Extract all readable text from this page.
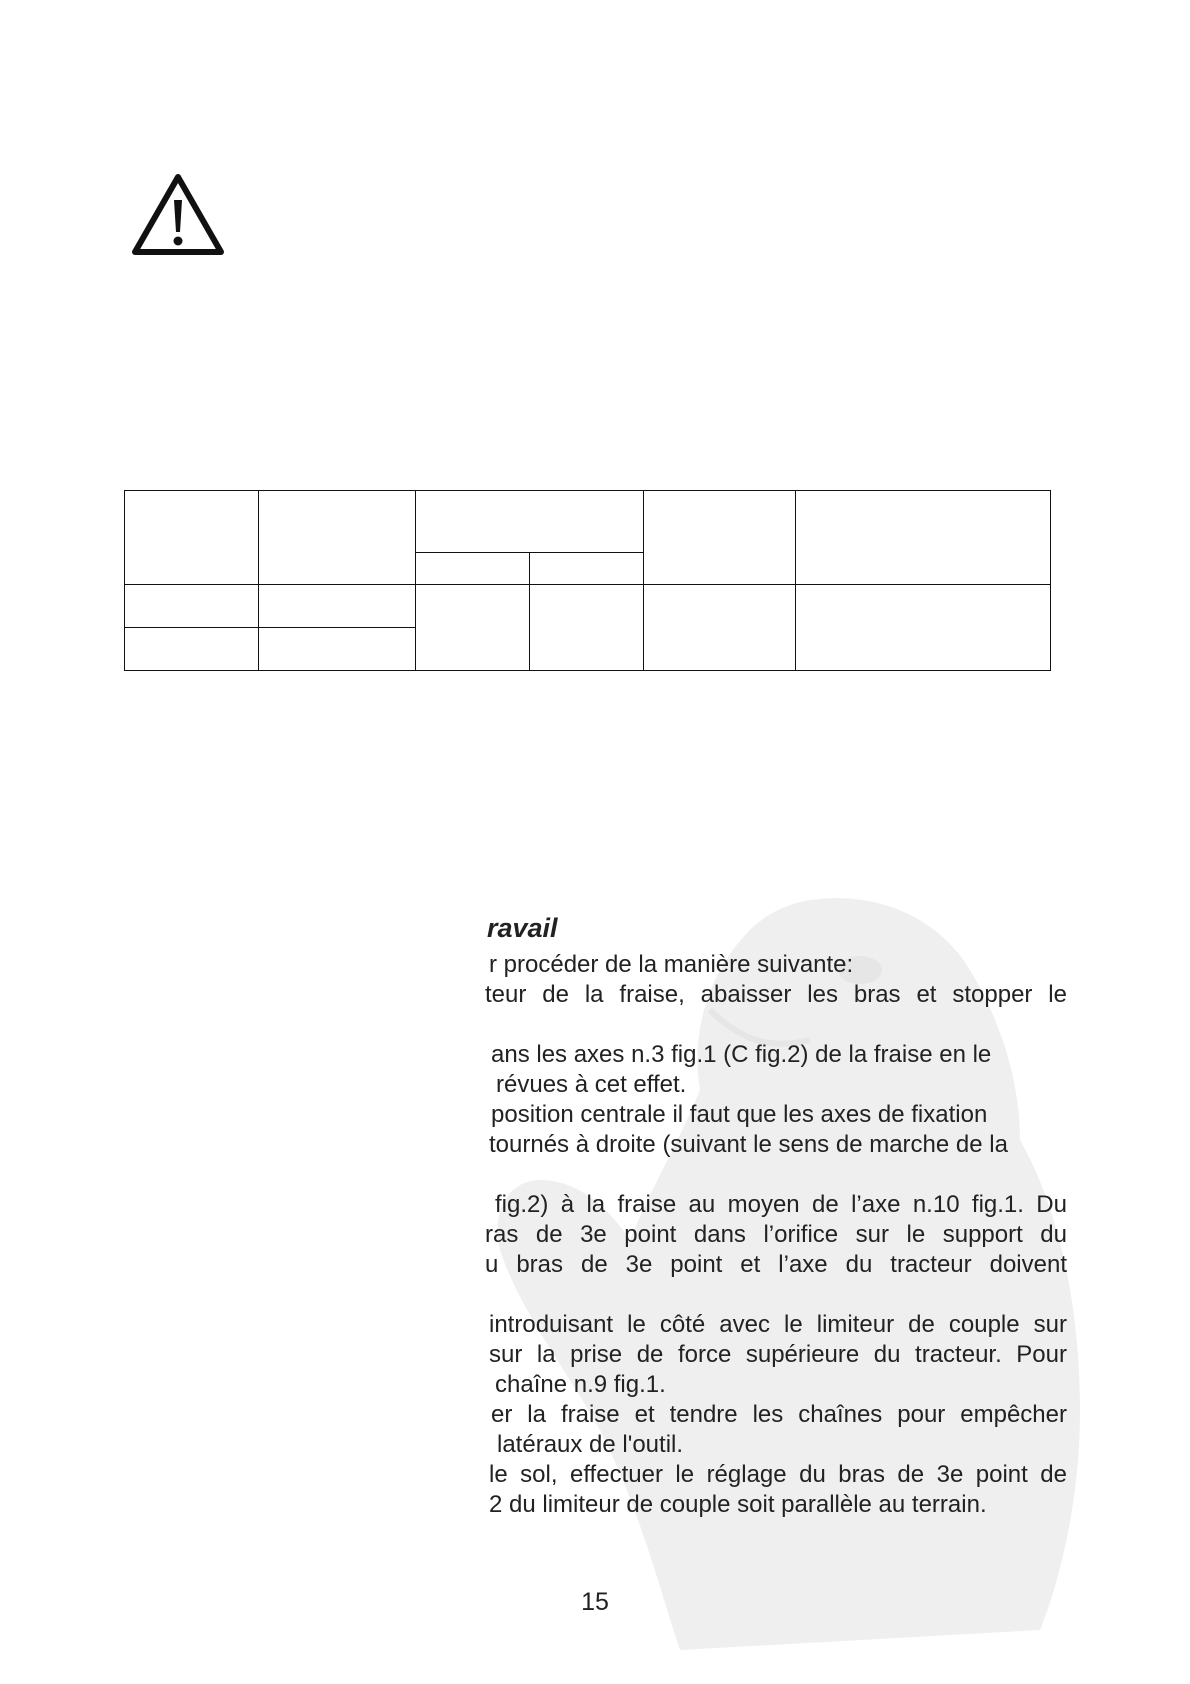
ravail
r procéder de la manière suivante:
teur de la fraise, abaisser les bras et stopper le
ans les axes n.3 fig.1 (C fig.2) de la fraise en le
révues à cet effet.
position centrale il faut que les axes de fixation
tournés à droite (suivant le sens de marche de la
fig.2) à la fraise au moyen de l’axe n.10 fig.1. Du
ras de 3e point dans l’orifice sur le support du
u bras de 3e point et l’axe du tracteur doivent
introduisant le côté avec le limiteur de couple sur
sur la prise de force supérieure du tracteur. Pour
chaîne n.9 fig.1.
er la fraise et tendre les chaînes pour empêcher
latéraux de l'outil.
le sol, effectuer le réglage du bras de 3e point de
2 du limiteur de couple soit parallèle au terrain.
15
